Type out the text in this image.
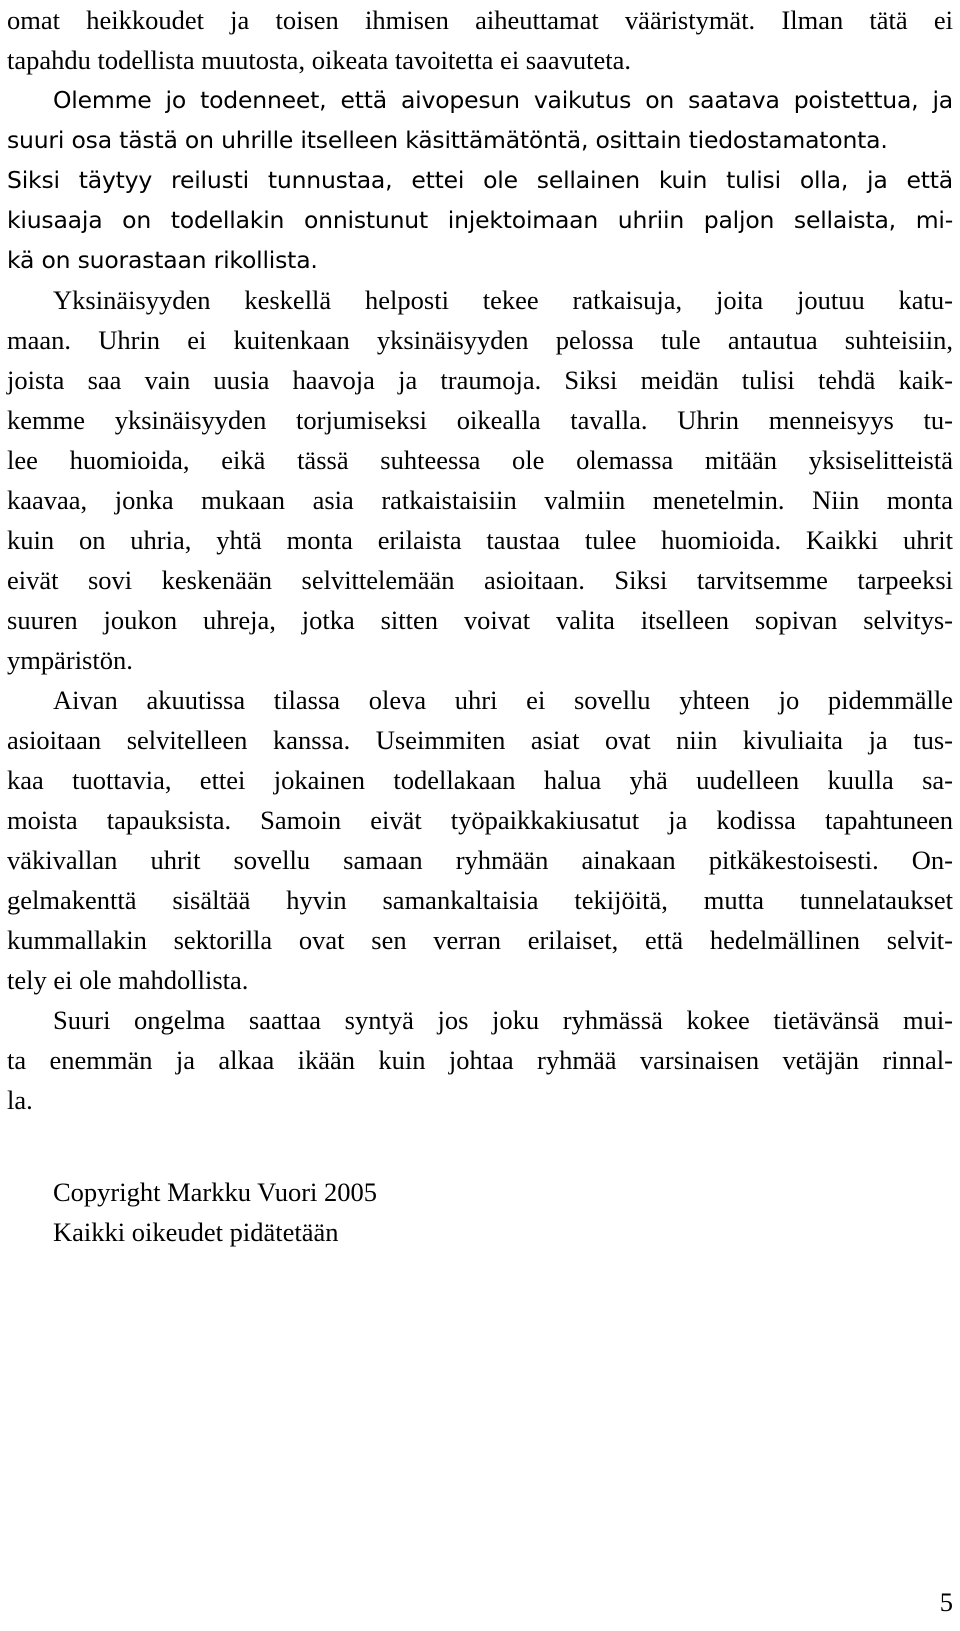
omat heikkoudet ja toisen ihmisen aiheuttamat vääristymät. Ilman tätä ei
tapahdu todellista muutosta, oikeata tavoitetta ei saavuteta.
Olemme jo todenneet, että aivopesun vaikutus on saatava poistettua, ja
suuri osa tästä on uhrille itselleen käsittämätöntä, osittain tiedostamatonta.
Siksi täytyy reilusti tunnustaa, ettei ole sellainen kuin tulisi olla, ja että
kiusaaja on todellakin onnistunut injektoimaan uhriin paljon sellaista, mi-
kä on suorastaan rikollista.
Yksinäisyyden keskellä helposti tekee ratkaisuja, joita joutuu katu-
maan. Uhrin ei kuitenkaan yksinäisyyden pelossa tule antautua suhteisiin,
joista saa vain uusia haavoja ja traumoja. Siksi meidän tulisi tehdä kaik-
kemme yksinäisyyden torjumiseksi oikealla tavalla. Uhrin menneisyys tu-
lee huomioida, eikä tässä suhteessa ole olemassa mitään yksiselitteistä
kaavaa, jonka mukaan asia ratkaistaisiin valmiin menetelmin. Niin monta
kuin on uhria, yhtä monta erilaista taustaa tulee huomioida. Kaikki uhrit
eivät sovi keskenään selvittelemään asioitaan. Siksi tarvitsemme tarpeeksi
suuren joukon uhreja, jotka sitten voivat valita itselleen sopivan selvitys-
ympäristön.
Aivan akuutissa tilassa oleva uhri ei sovellu yhteen jo pidemmälle
asioitaan selvitelleen kanssa. Useimmiten asiat ovat niin kivuliaita ja tus-
kaa tuottavia, ettei jokainen todellakaan halua yhä uudelleen kuulla sa-
moista tapauksista. Samoin eivät työpaikkakiusatut ja kodissa tapahtuneen
väkivallan uhrit sovellu samaan ryhmään ainakaan pitkäkestoisesti. On-
gelmakenttä sisältää hyvin samankaltaisia tekijöitä, mutta tunnelataukset
kummallakin sektorilla ovat sen verran erilaiset, että hedelmällinen selvit-
tely ei ole mahdollista.
Suuri ongelma saattaa syntyä jos joku ryhmässä kokee tietävänsä mui-
ta enemmän ja alkaa ikään kuin johtaa ryhmää varsinaisen vetäjän rinnal-
la.
Copyright Markku Vuori 2005
Kaikki oikeudet pidätetään
5
